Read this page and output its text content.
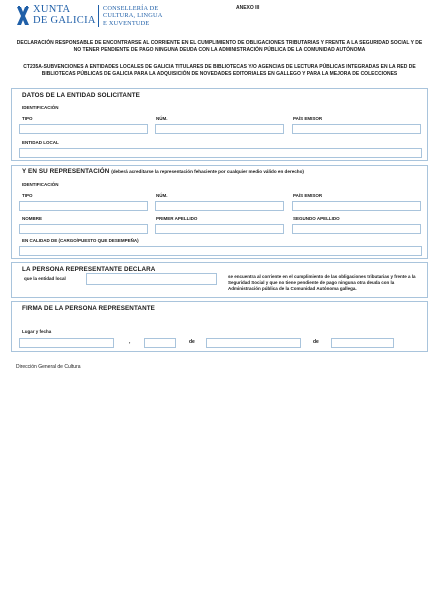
XUNTA
DE GALICIA
CONSELLERÍA DE
CULTURA, LINGUA
E XUVENTUDE
ANEXO III
DECLARACIÓN RESPONSABLE DE ENCONTRARSE AL CORRIENTE EN EL CUMPLIMIENTO DE OBLIGACIONES TRIBUTARIAS Y FRENTE A LA SEGURIDAD SOCIAL Y DE NO TENER PENDIENTE DE PAGO NINGUNA DEUDA CON LA ADMINISTRACIÓN PÚBLICA DE LA COMUNIDAD AUTÓNOMA
CT235A-SUBVENCIONES A ENTIDADES LOCALES DE GALICIA TITULARES DE BIBLIOTECAS Y/O AGENCIAS DE LECTURA PÚBLICAS INTEGRADAS EN LA RED DE BIBLIOTECAS PÚBLICAS DE GALICIA PARA LA ADQUISICIÓN DE NOVEDADES EDITORIALES EN GALLEGO Y PARA LA MEJORA DE COLECCIONES
DATOS DE LA ENTIDAD SOLICITANTE
IDENTIFICACIÓN
TIPO	NÚM.	PAÍS EMISOR
ENTIDAD LOCAL
Y EN SU REPRESENTACIÓN (deberá acreditarse la representación fehaciente por cualquier medio válido en derecho)
IDENTIFICACIÓN
TIPO	NÚM.	PAÍS EMISOR
NOMBRE	PRIMER APELLIDO	SEGUNDO APELLIDO
EN CALIDAD DE (CARGO/PUESTO QUE DESEMPEÑA)
LA PERSONA REPRESENTANTE DECLARA
que la entidad local	se encuentra al corriente en el cumplimiento de las obligaciones tributarias y frente a la Seguridad Social y que no tiene pendiente de pago ninguna otra deuda con la Administración pública de la Comunidad Autónoma gallega.
FIRMA DE LA PERSONA REPRESENTANTE
Lugar y fecha
,	de	de
Dirección General de Cultura
